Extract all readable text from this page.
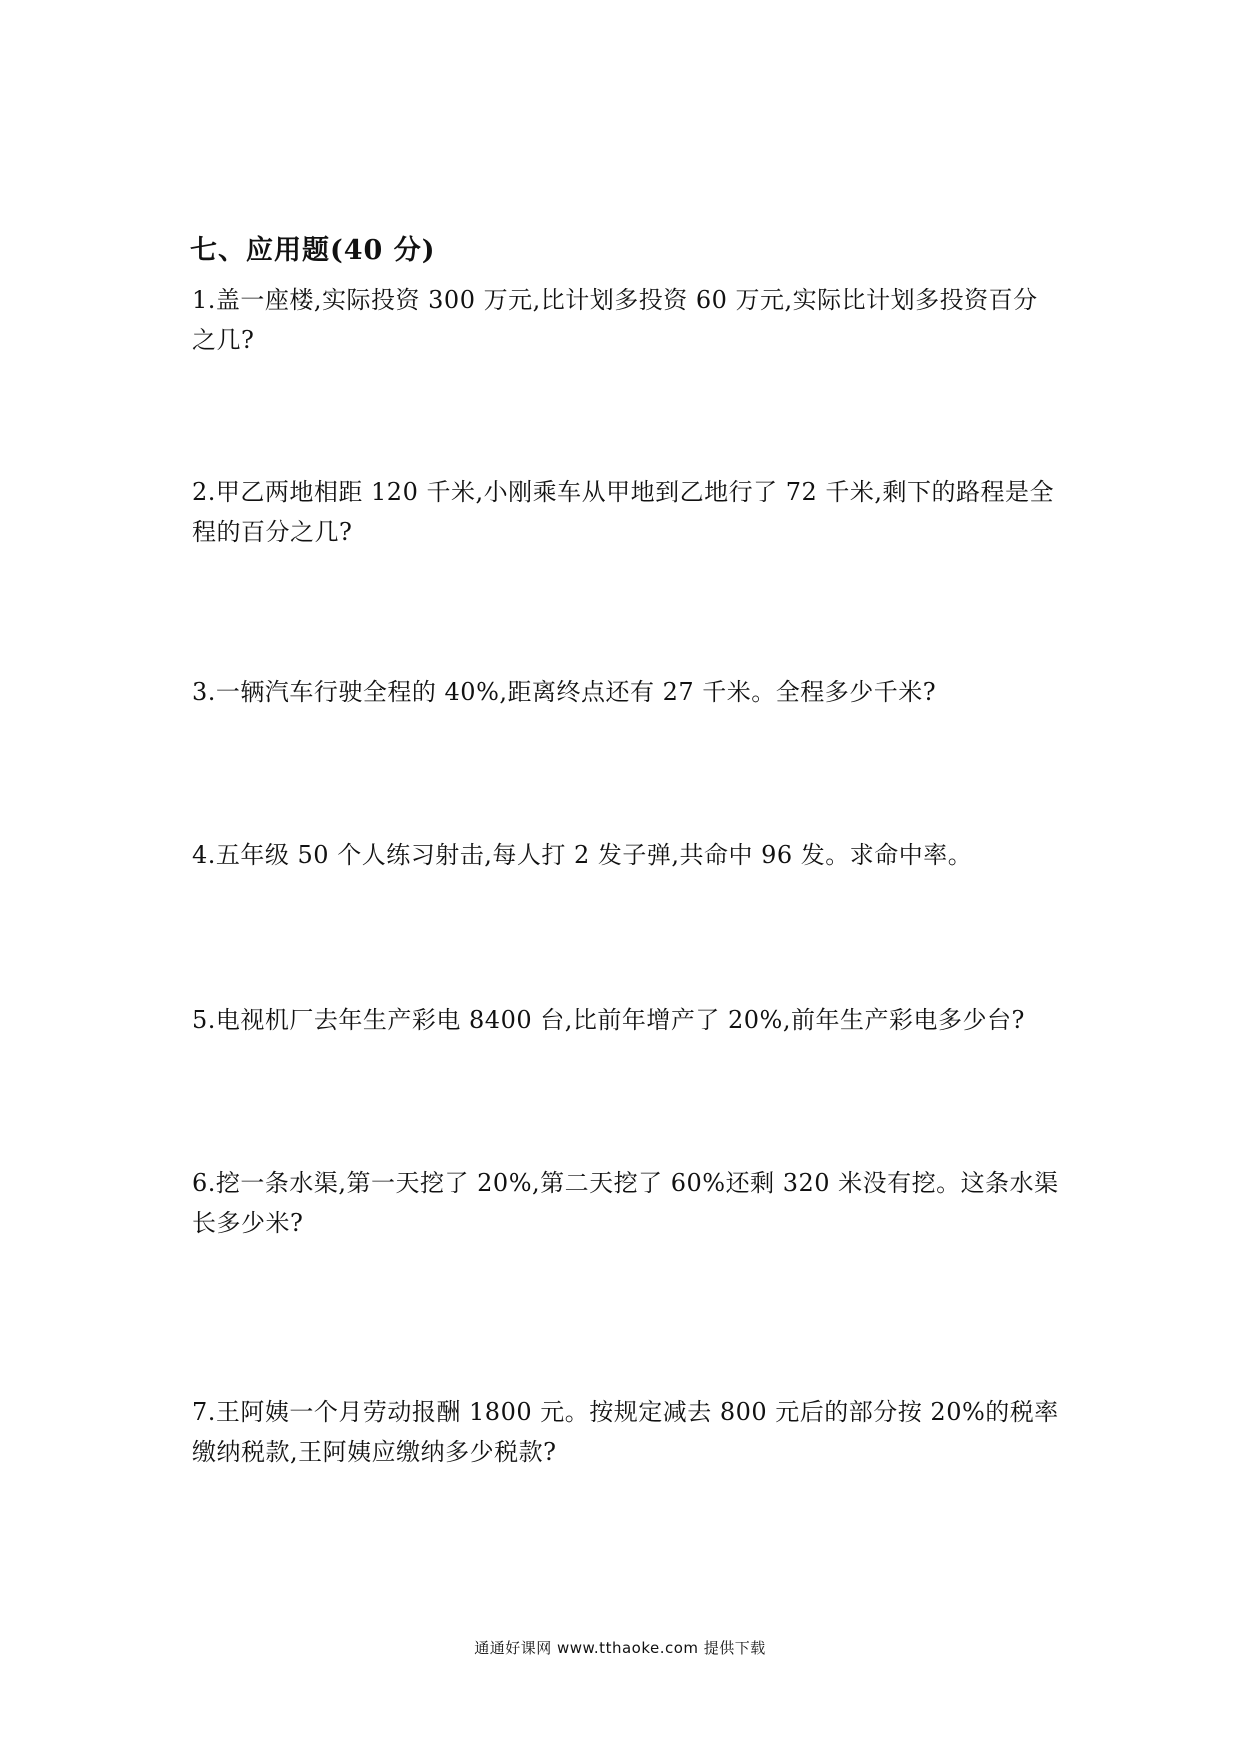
七、应用题(40 分)
1.盖一座楼,实际投资 300 万元,比计划多投资 60 万元,实际比计划多投资百分之几?
2.甲乙两地相距 120 千米,小刚乘车从甲地到乙地行了 72 千米,剩下的路程是全程的百分之几?
3.一辆汽车行驶全程的 40%,距离终点还有 27 千米。全程多少千米?
4.五年级 50 个人练习射击,每人打 2 发子弹,共命中 96 发。求命中率。
5.电视机厂去年生产彩电 8400 台,比前年增产了 20%,前年生产彩电多少台?
6.挖一条水渠,第一天挖了 20%,第二天挖了 60%还剩 320 米没有挖。这条水渠长多少米?
7.王阿姨一个月劳动报酬 1800 元。按规定减去 800 元后的部分按 20%的税率缴纳税款,王阿姨应缴纳多少税款?
通通好课网 www.tthaoke.com 提供下载
